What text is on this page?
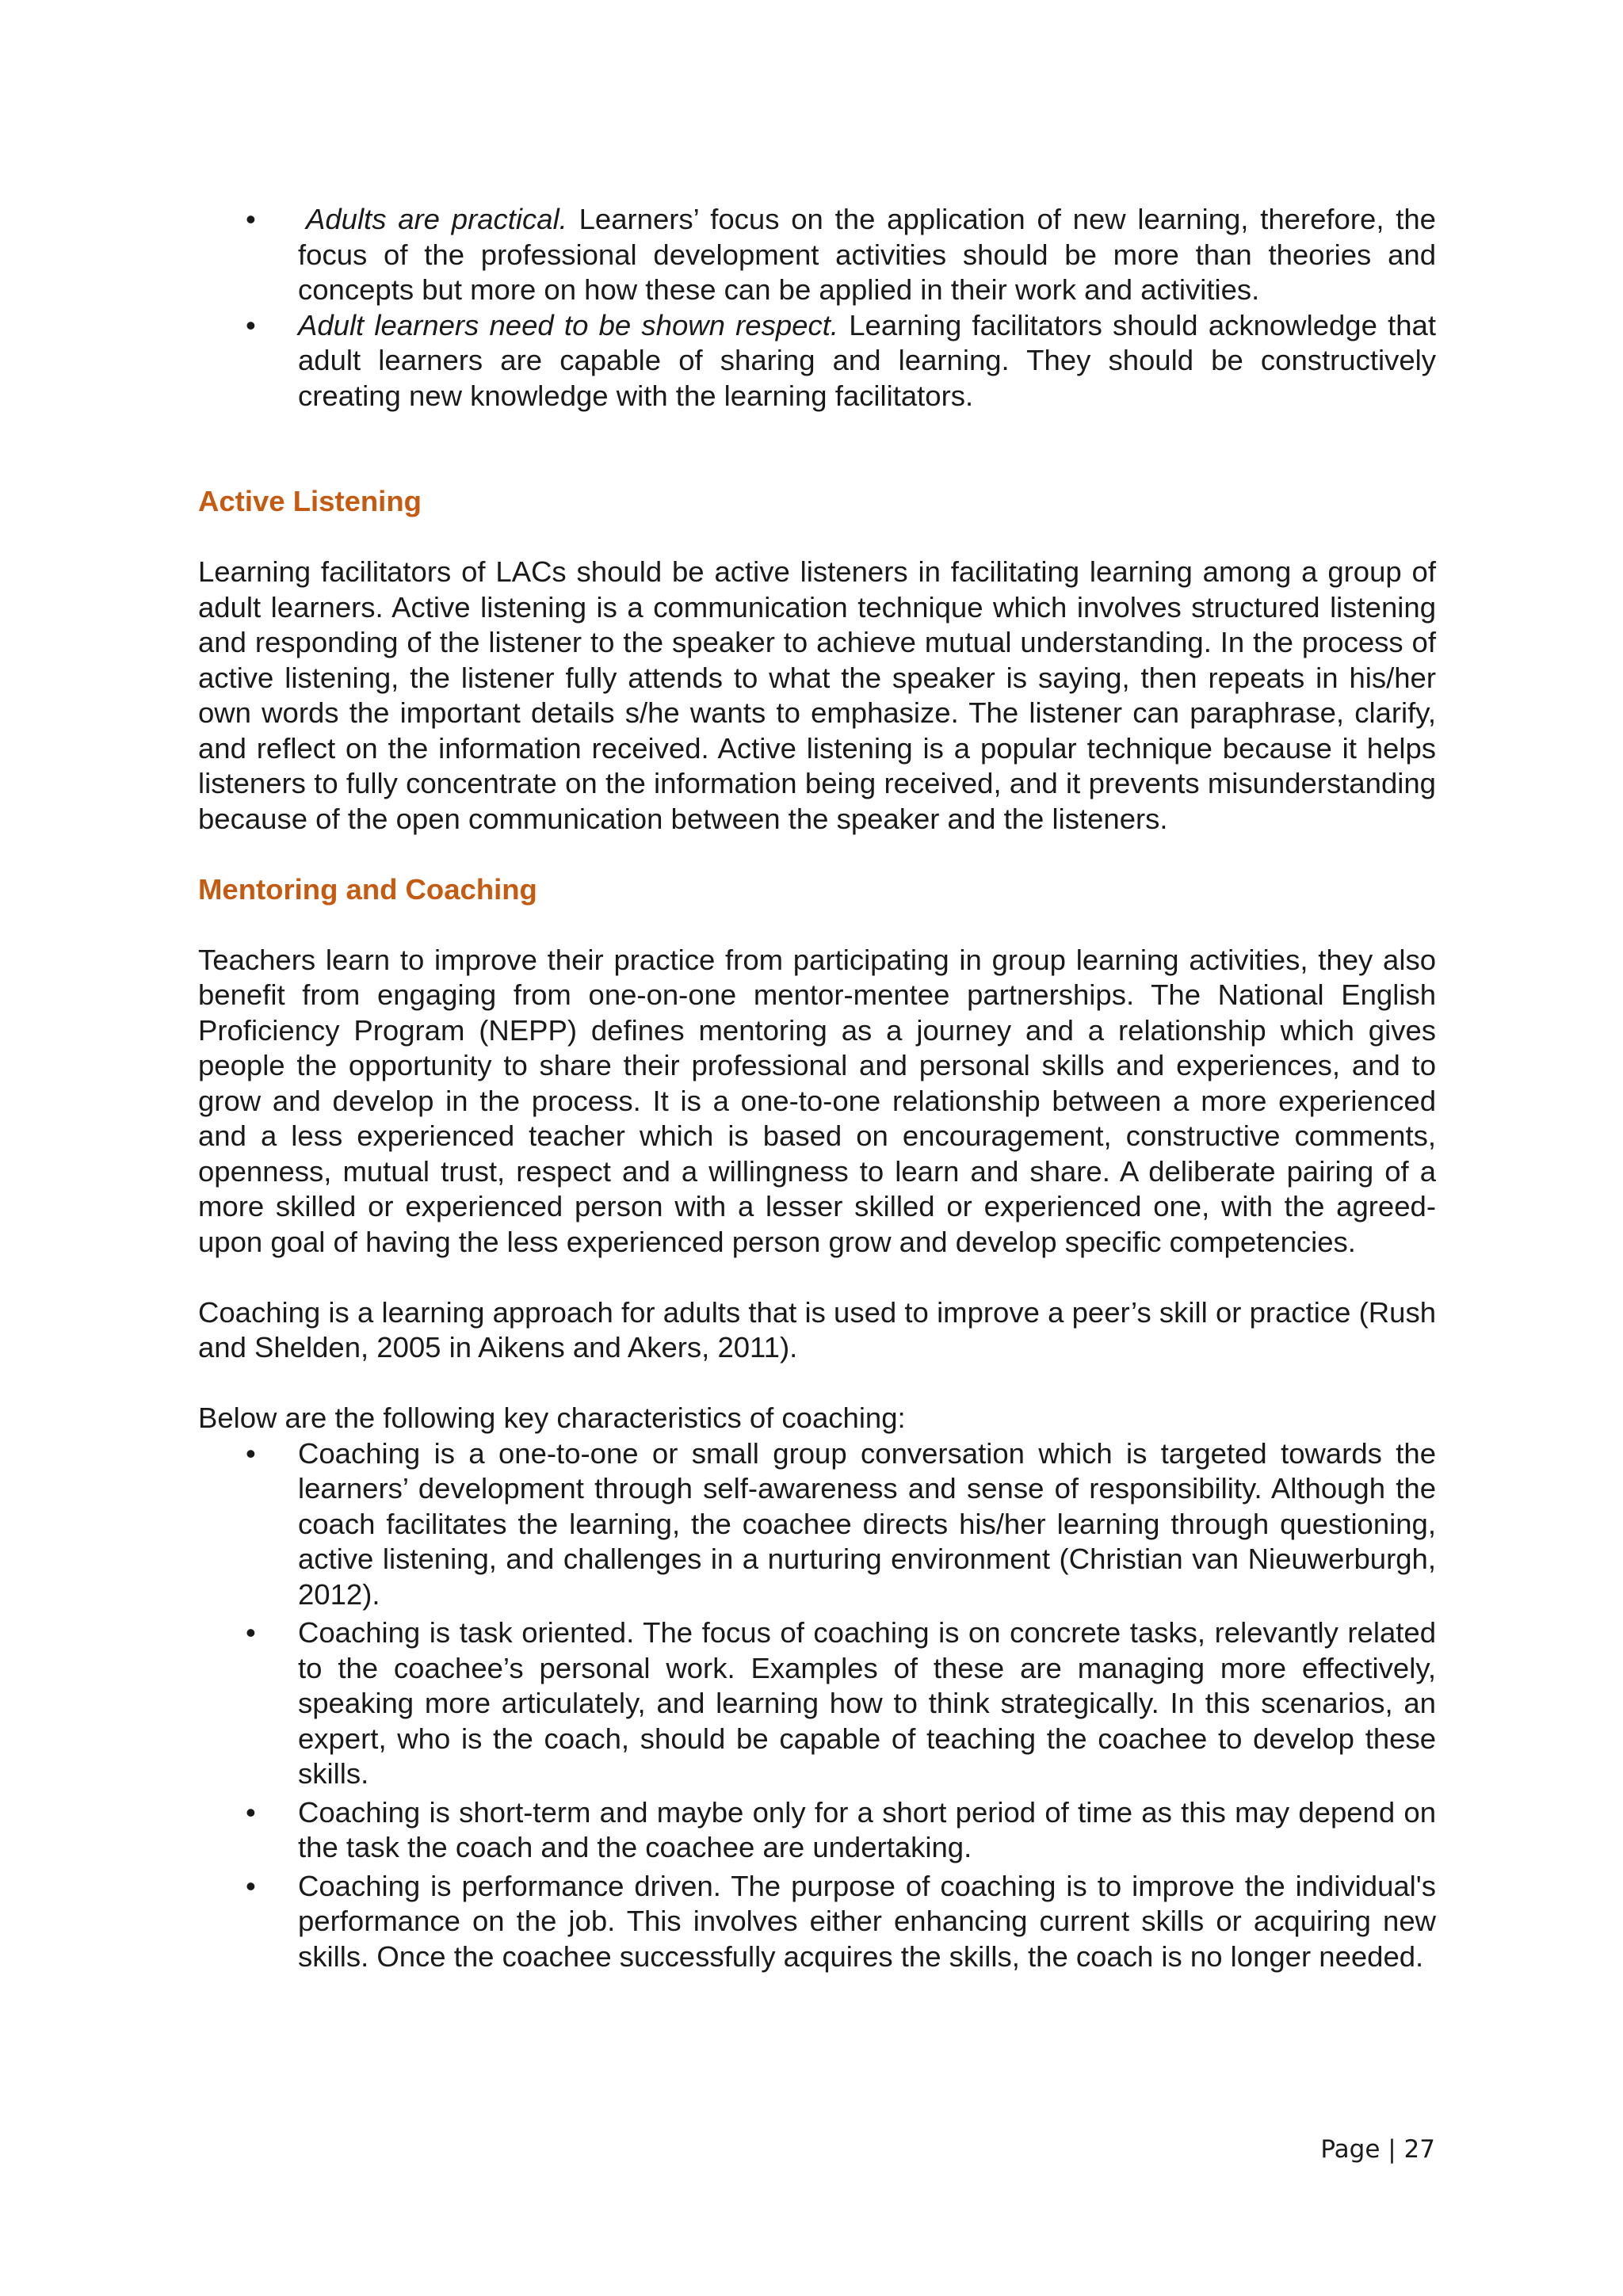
• Adults are practical. Learners’ focus on the application of new learning, therefore, the focus of the professional development activities should be more than theories and concepts but more on how these can be applied in their work and activities.
• Adult learners need to be shown respect. Learning facilitators should acknowledge that adult learners are capable of sharing and learning. They should be constructively creating new knowledge with the learning facilitators.
Active Listening

Learning facilitators of LACs should be active listeners in facilitating learning among a group of adult learners. Active listening is a communication technique which involves structured listening and responding of the listener to the speaker to achieve mutual understanding. In the process of active listening, the listener fully attends to what the speaker is saying, then repeats in his/her own words the important details s/he wants to emphasize. The listener can paraphrase, clarify, and reflect on the information received. Active listening is a popular technique because it helps listeners to fully concentrate on the information being received, and it prevents misunderstanding because of the open communication between the speaker and the listeners.

Mentoring and Coaching

Teachers learn to improve their practice from participating in group learning activities, they also benefit from engaging from one-on-one mentor-mentee partnerships. The National English Proficiency Program (NEPP) defines mentoring as a journey and a relationship which gives people the opportunity to share their professional and personal skills and experiences, and to grow and develop in the process. It is a one-to-one relationship between a more experienced and a less experienced teacher which is based on encouragement, constructive comments, openness, mutual trust, respect and a willingness to learn and share. A deliberate pairing of a more skilled or experienced person with a lesser skilled or experienced one, with the agreed-upon goal of having the less experienced person grow and develop specific competencies.

Coaching is a learning approach for adults that is used to improve a peer’s skill or practice (Rush and Shelden, 2005 in Aikens and Akers, 2011).

Below are the following key characteristics of coaching:

• Coaching is a one-to-one or small group conversation which is targeted towards the learners’ development through self-awareness and sense of responsibility. Although the coach facilitates the learning, the coachee directs his/her learning through questioning, active listening, and challenges in a nurturing environment (Christian van Nieuwerburgh, 2012).
• Coaching is task oriented. The focus of coaching is on concrete tasks, relevantly related to the coachee’s personal work. Examples of these are managing more effectively, speaking more articulately, and learning how to think strategically. In this scenarios, an expert, who is the coach, should be capable of teaching the coachee to develop these skills.
• Coaching is short-term and maybe only for a short period of time as this may depend on the task the coach and the coachee are undertaking.
• Coaching is performance driven. The purpose of coaching is to improve the individual's performance on the job. This involves either enhancing current skills or acquiring new skills. Once the coachee successfully acquires the skills, the coach is no longer needed.
Page | 27
